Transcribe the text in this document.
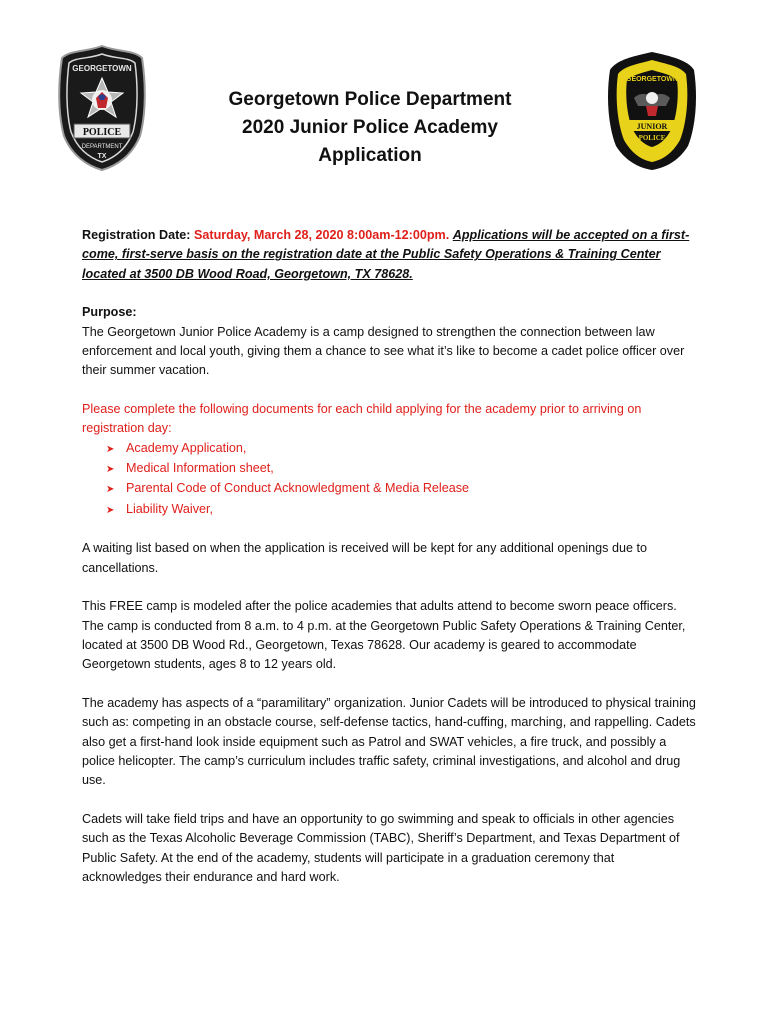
GEORGETOWN
POLICE
DEPARTMENT
TX
Georgetown Police Department
2020 Junior Police Academy
Application
GEORGETOWN
JUNIOR
POLICE
ACADEMY

Registration Date: Saturday, March 28, 2020 8:00am-12:00pm. Applications will be accepted on a first-come, first-serve basis on the registration date at the Public Safety Operations & Training Center located at 3500 DB Wood Road, Georgetown, TX 78628.

Purpose:

The Georgetown Junior Police Academy is a camp designed to strengthen the connection between law enforcement and local youth, giving them a chance to see what it’s like to become a cadet police officer over their summer vacation.

Please complete the following documents for each child applying for the academy prior to arriving on registration day:

➤ Academy Application,
➤ Medical Information sheet,
➤ Parental Code of Conduct Acknowledgment & Media Release
➤ Liability Waiver,

A waiting list based on when the application is received will be kept for any additional openings due to cancellations.

This FREE camp is modeled after the police academies that adults attend to become sworn peace officers. The camp is conducted from 8 a.m. to 4 p.m. at the Georgetown Public Safety Operations & Training Center, located at 3500 DB Wood Rd., Georgetown, Texas 78628. Our academy is geared to accommodate Georgetown students, ages 8 to 12 years old.

The academy has aspects of a “paramilitary” organization. Junior Cadets will be introduced to physical training such as: competing in an obstacle course, self-defense tactics, hand-cuffing, marching, and rappelling. Cadets also get a first-hand look inside equipment such as Patrol and SWAT vehicles, a fire truck, and possibly a police helicopter. The camp’s curriculum includes traffic safety, criminal investigations, and alcohol and drug use.

Cadets will take field trips and have an opportunity to go swimming and speak to officials in other agencies such as the Texas Alcoholic Beverage Commission (TABC), Sheriff’s Department, and Texas Department of Public Safety. At the end of the academy, students will participate in a graduation ceremony that acknowledges their endurance and hard work.
